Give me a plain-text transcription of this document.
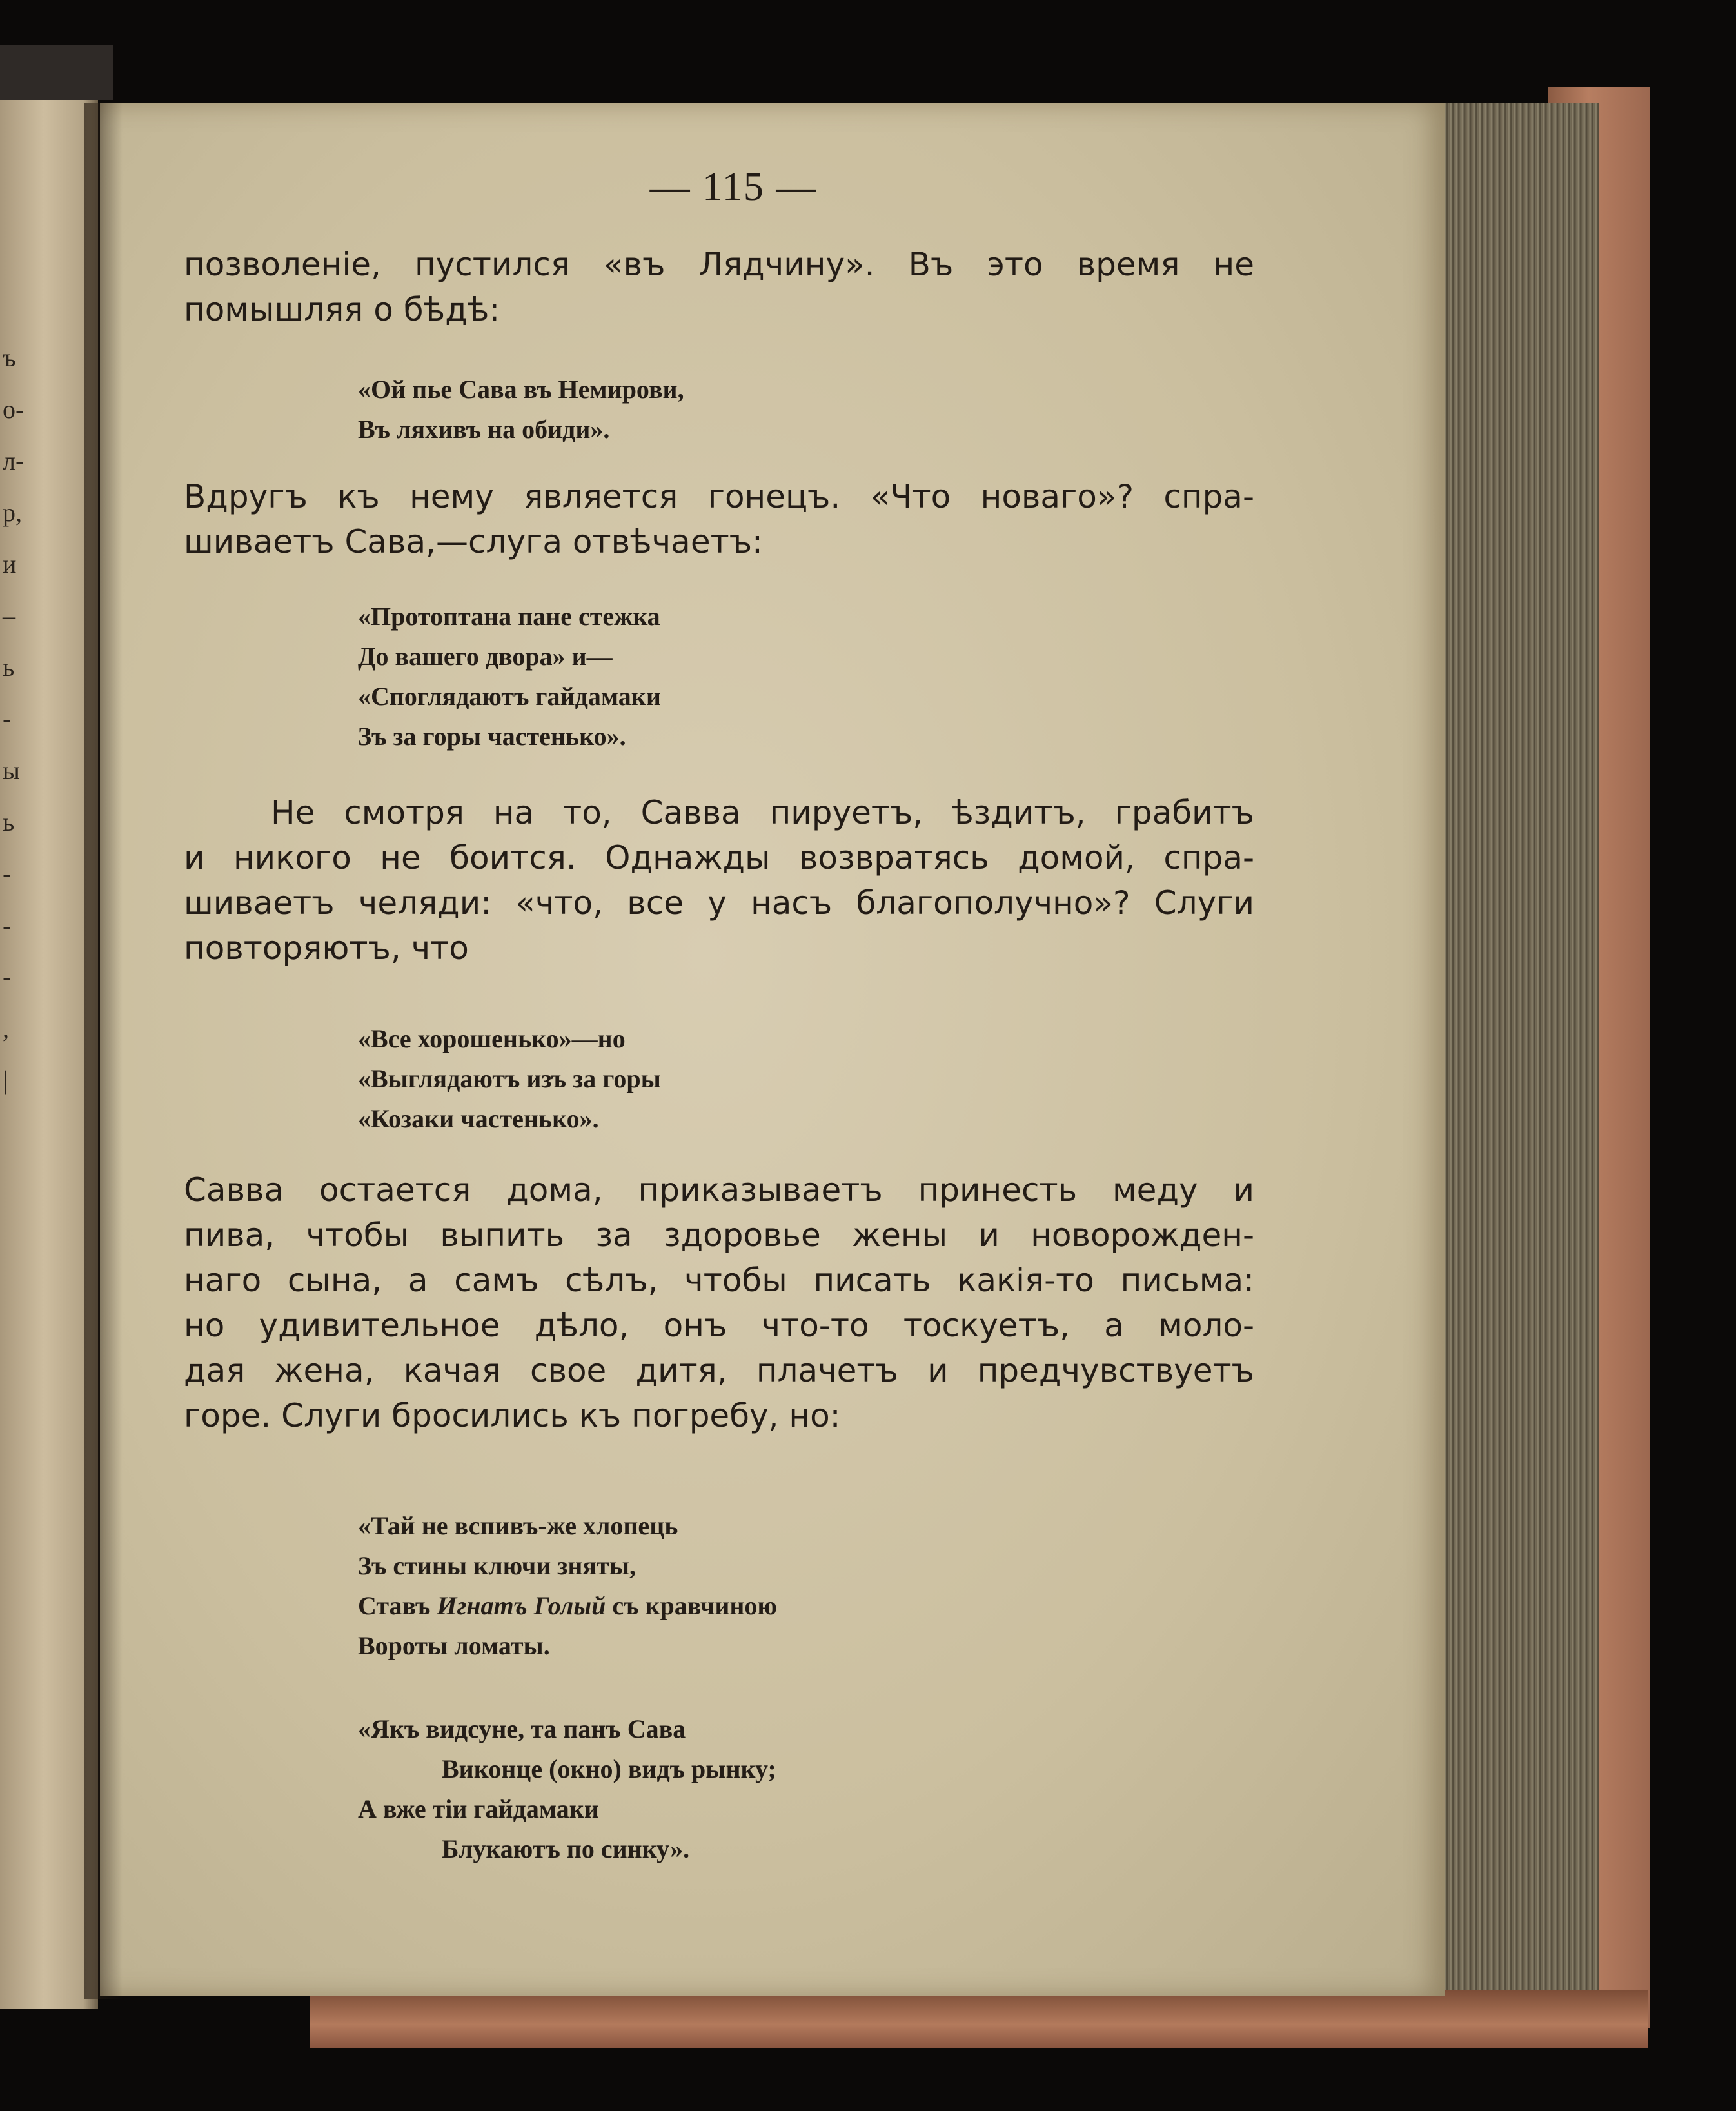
ъ
о-
л-
р,
и
–
ь
-
ы
ь
-
-
-
,
|
— 115 —

позволеніе, пустился «въ Лядчину». Въ это время не
помышляя о бѣдѣ:

«Ой пье Сава въ Немирови,
Въ ляхивъ на обиди».

Вдругъ къ нему является гонецъ. «Что новаго»? спра-
шиваетъ Сава,—слуга отвѣчаетъ:

«Протоптана пане стежка
До вашего двора» и—
«Споглядаютъ гайдамаки
Зъ за горы частенько».

Не смотря на то, Савва пируетъ, ѣздитъ, грабитъ
и никого не боится. Однажды возвратясь домой, спра-
шиваетъ челяди: «что, все у насъ благополучно»? Слуги
повторяютъ, что

«Все хорошенько»—но
«Выглядаютъ изъ за горы
«Козаки частенько».

Савва остается дома, приказываетъ принесть меду и
пива, чтобы выпить за здоровье жены и новорожден-
наго сына, а самъ сѣлъ, чтобы писать какія-то письма:
но удивительное дѣло, онъ что-то тоскуетъ, а моло-
дая жена, качая свое дитя, плачетъ и предчувствуетъ
горе. Слуги бросились къ погребу, но:

«Тай не вспивъ-же хлопець
Зъ стины ключи зняты,
Ставъ Игнатъ Голый съ кравчиною
Вороты ломаты.
«Якъ видсуне, та панъ Сава
Виконце (окно) видъ рынку;
А вже тіи гайдамаки
Блукаютъ по синку».
